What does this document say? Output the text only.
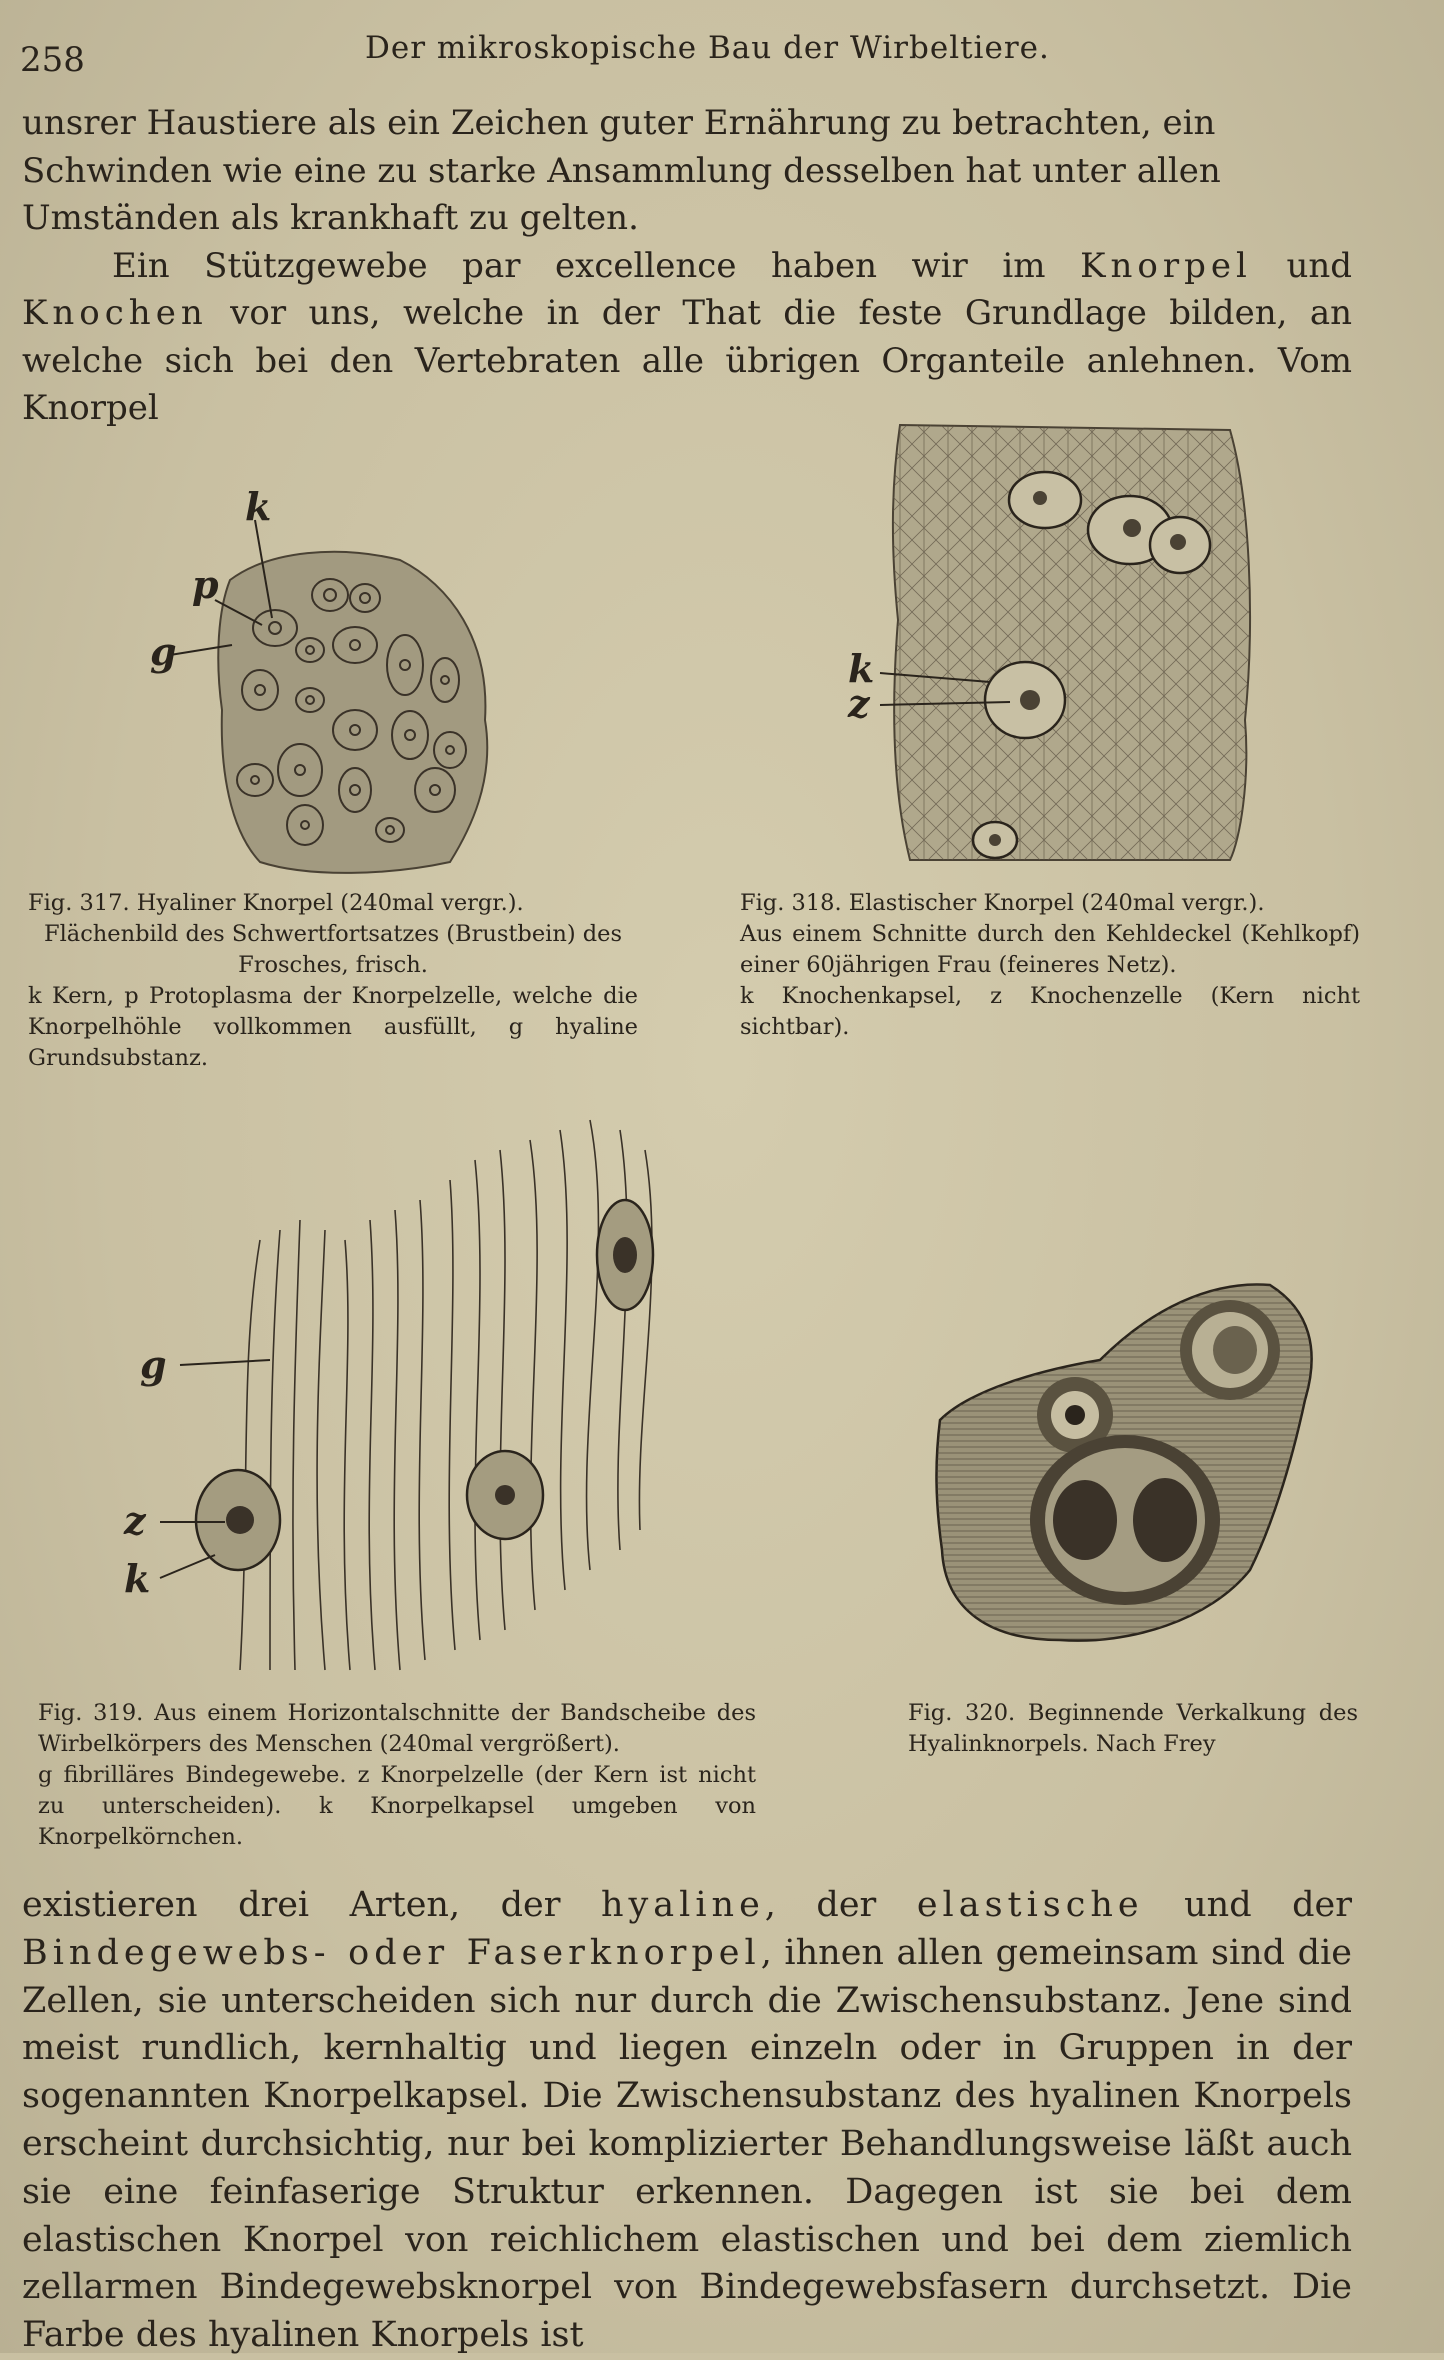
258	Der mikroskopische Bau der Wirbeltiere.

unsrer Haustiere als ein Zeichen guter Ernährung zu betrachten, ein

Schwinden wie eine zu starke Ansammlung desselben hat unter allen

Umständen als krankhaft zu gelten.

Ein Stützgewebe par excellence haben wir im Knorpel und Knochen vor uns, welche in der That die feste Grundlage bilden, an welche sich bei den Vertebraten alle übrigen Organteile anlehnen. Vom Knorpel

k
p
g
Fig. 317. Hyaliner Knorpel (240mal vergr.).
Flächenbild des Schwertfortsatzes (Brustbein) des Frosches, frisch.
k Kern, p Protoplasma der Knorpelzelle, welche die Knorpelhöhle vollkommen ausfüllt, g hyaline Grundsubstanz.
k
z
Fig. 318. Elastischer Knorpel (240mal vergr.).
Aus einem Schnitte durch den Kehldeckel (Kehlkopf) einer 60jährigen Frau (feineres Netz).
k Knochenkapsel, z Knochenzelle (Kern nicht sichtbar).
g
z
k
Fig. 319. Aus einem Horizontalschnitte der Bandscheibe des Wirbelkörpers des Menschen (240mal vergrößert).
g fibrilläres Bindegewebe. z Knorpelzelle (der Kern ist nicht zu unterscheiden). k Knorpelkapsel umgeben von Knorpelkörnchen.
Fig. 320. Beginnende Verkalkung des Hyalinknorpels. Nach Frey

existieren drei Arten, der hyaline, der elastische und der Bindegewebs- oder Faserknorpel, ihnen allen gemeinsam sind die Zellen, sie unterscheiden sich nur durch die Zwischensubstanz. Jene sind meist rundlich, kernhaltig und liegen einzeln oder in Gruppen in der sogenannten Knorpelkapsel. Die Zwischensubstanz des hyalinen Knorpels erscheint durchsichtig, nur bei komplizierter Behandlungsweise läßt auch sie eine feinfaserige Struktur erkennen. Dagegen ist sie bei dem elastischen Knorpel von reichlichem elastischen und bei dem ziemlich zellarmen Bindegewebsknorpel von Bindegewebsfasern durchsetzt. Die Farbe des hyalinen Knorpels ist
